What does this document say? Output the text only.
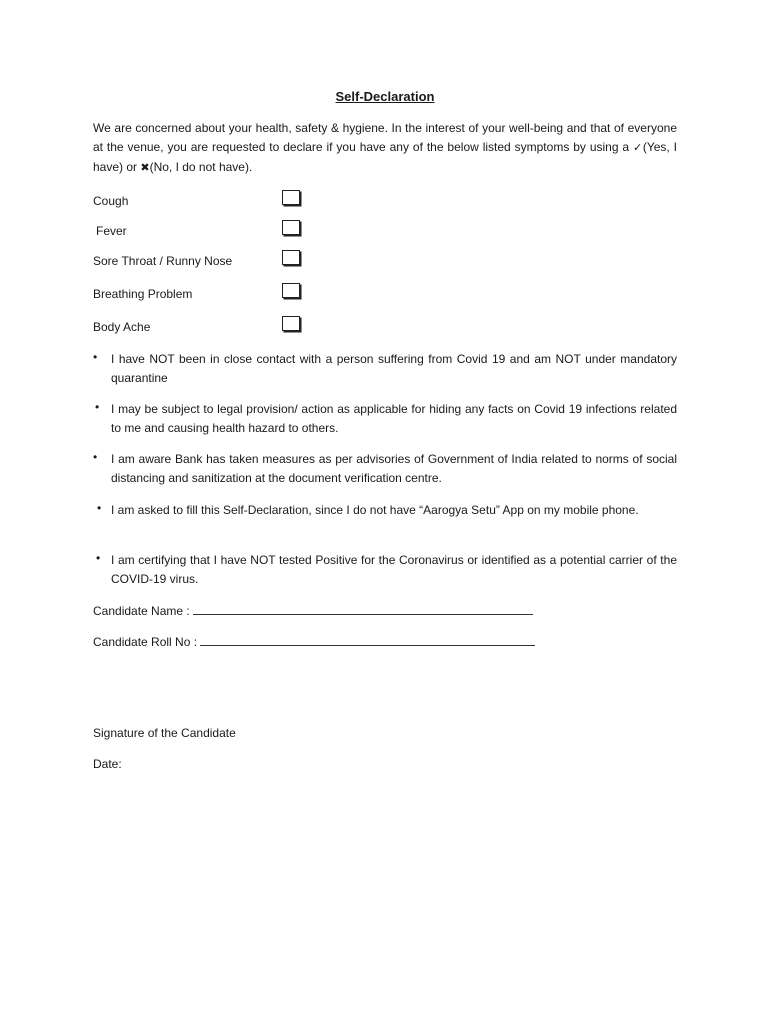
Self-Declaration
We are concerned about your health, safety & hygiene. In the interest of your well-being and that of everyone at the venue, you are requested to declare if you have any of the below listed symptoms by using a ✓(Yes, I have) or ✖(No, I do not have).
Cough
Fever
Sore Throat / Runny Nose
Breathing Problem
Body Ache
• I have NOT been in close contact with a person suffering from Covid 19 and am NOT under mandatory quarantine
• I may be subject to legal provision/ action as applicable for hiding any facts on Covid 19 infections related to me and causing health hazard to others.
• I am aware Bank has taken measures as per advisories of Government of India related to norms of social distancing and sanitization at the document verification centre.
• I am asked to fill this Self-Declaration, since I do not have “Aarogya Setu” App on my mobile phone.
• I am certifying that I have NOT tested Positive for the Coronavirus or identified as a potential carrier of the COVID-19 virus.
Candidate Name :
Candidate Roll No :
Signature of the Candidate
Date:
